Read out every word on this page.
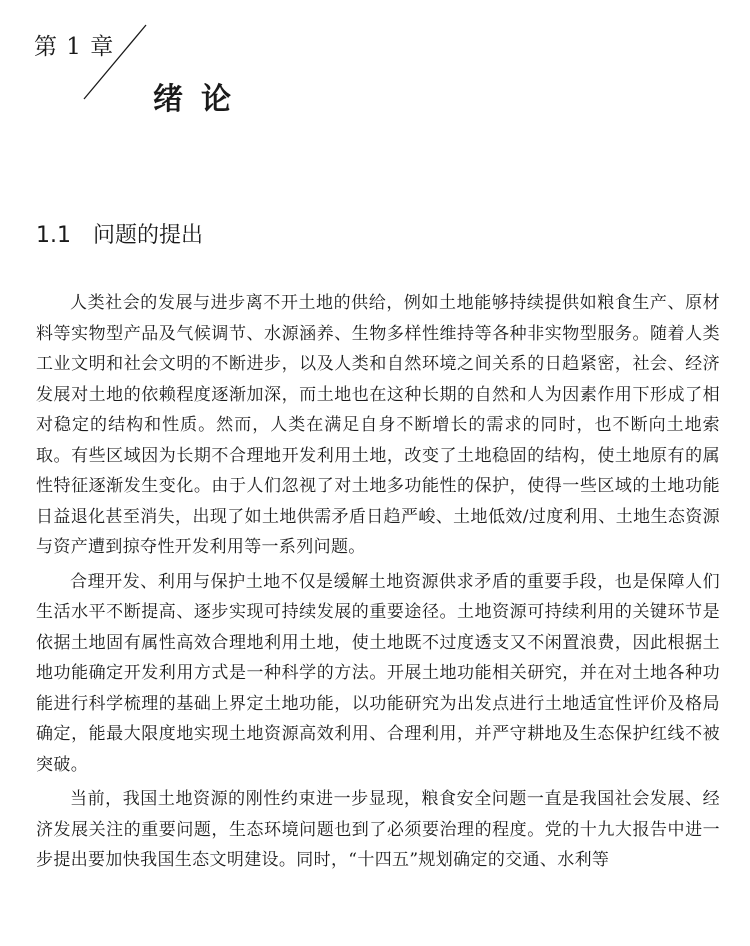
第 1 章
绪论
1.1 问题的提出

人类社会的发展与进步离不开土地的供给，例如土地能够持续提供如粮食生产、原材料等实物型产品及气候调节、水源涵养、生物多样性维持等各种非实物型服务。随着人类工业文明和社会文明的不断进步，以及人类和自然环境之间关系的日趋紧密，社会、经济发展对土地的依赖程度逐渐加深，而土地也在这种长期的自然和人为因素作用下形成了相对稳定的结构和性质。然而，人类在满足自身不断增长的需求的同时，也不断向土地索取。有些区域因为长期不合理地开发利用土地，改变了土地稳固的结构，使土地原有的属性特征逐渐发生变化。由于人们忽视了对土地多功能性的保护，使得一些区域的土地功能日益退化甚至消失，出现了如土地供需矛盾日趋严峻、土地低效/过度利用、土地生态资源与资产遭到掠夺性开发利用等一系列问题。

合理开发、利用与保护土地不仅是缓解土地资源供求矛盾的重要手段，也是保障人们生活水平不断提高、逐步实现可持续发展的重要途径。土地资源可持续利用的关键环节是依据土地固有属性高效合理地利用土地，使土地既不过度透支又不闲置浪费，因此根据土地功能确定开发利用方式是一种科学的方法。开展土地功能相关研究，并在对土地各种功能进行科学梳理的基础上界定土地功能，以功能研究为出发点进行土地适宜性评价及格局确定，能最大限度地实现土地资源高效利用、合理利用，并严守耕地及生态保护红线不被突破。

当前，我国土地资源的刚性约束进一步显现，粮食安全问题一直是我国社会发展、经济发展关注的重要问题，生态环境问题也到了必须要治理的程度。党的十九大报告中进一步提出要加快我国生态文明建设。同时，“十四五”规划确定的交通、水利等
